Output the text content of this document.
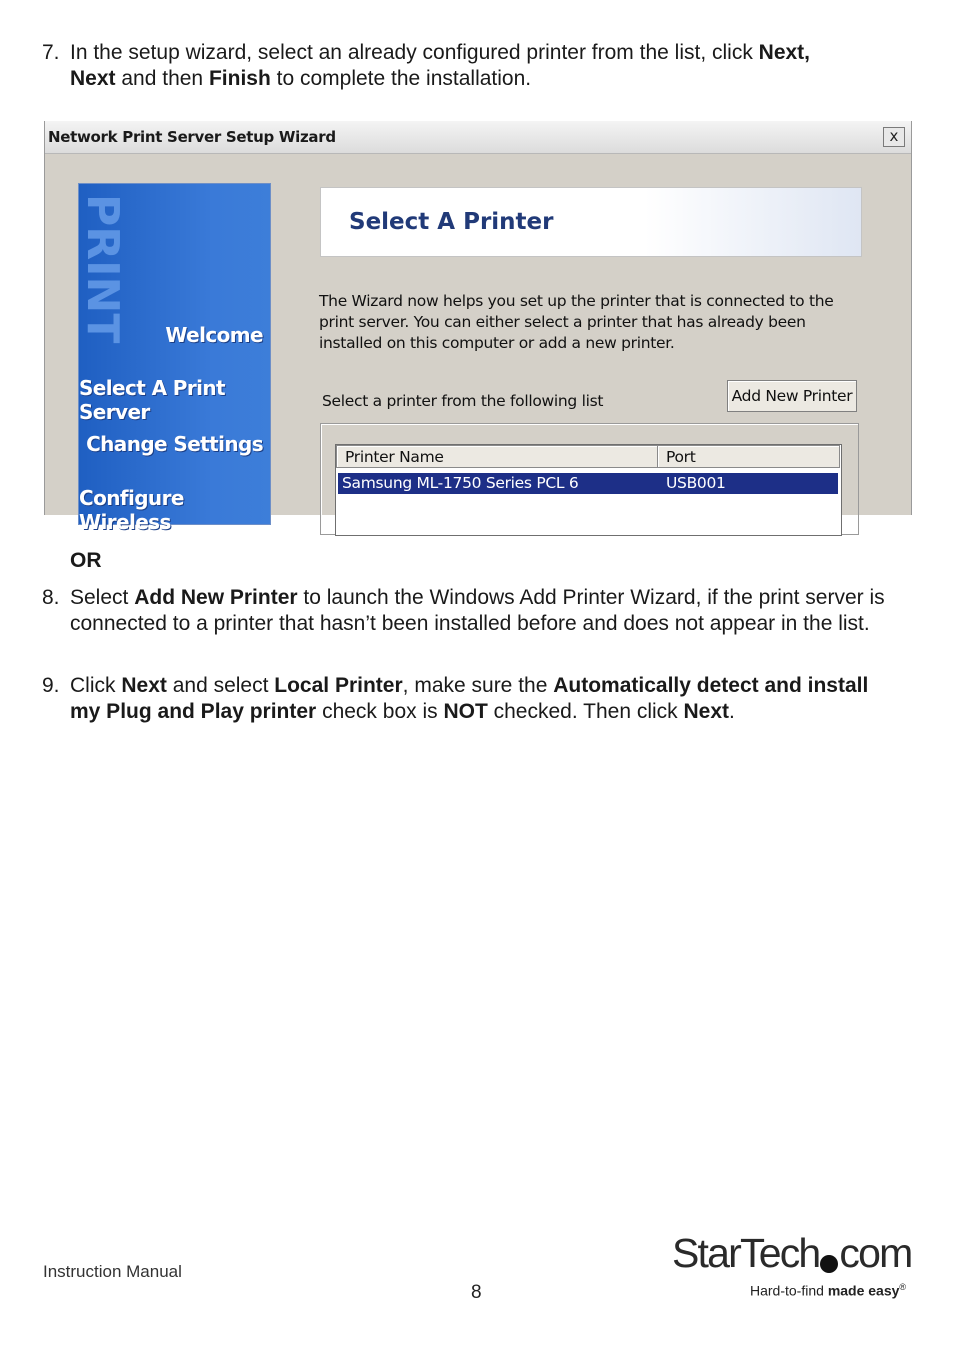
7. In the setup wizard, select an already configured printer from the list, click Next,
Next and then Finish to complete the installation.
Network Print Server Setup Wizard	x
PRINT Welcome
Select A Print Server
Change Settings
Configure Wireless
Select A Printer
The Wizard now helps you set up the printer that is connected to the print server. You can either select a printer that has already been installed on this computer or add a new printer.
Select a printer from the following list	Add New Printer
Printer Name	Port
Samsung ML-1750 Series PCL 6	USB001
OR
8. Select Add New Printer to launch the Windows Add Printer Wizard, if the print server is connected to a printer that hasn’t been installed before and does not appear in the list.
9. Click Next and select Local Printer, make sure the Automatically detect and install my Plug and Play printer check box is NOT checked. Then click Next.
Instruction Manual
8
StarTech com
Hard-to-find made easy®
